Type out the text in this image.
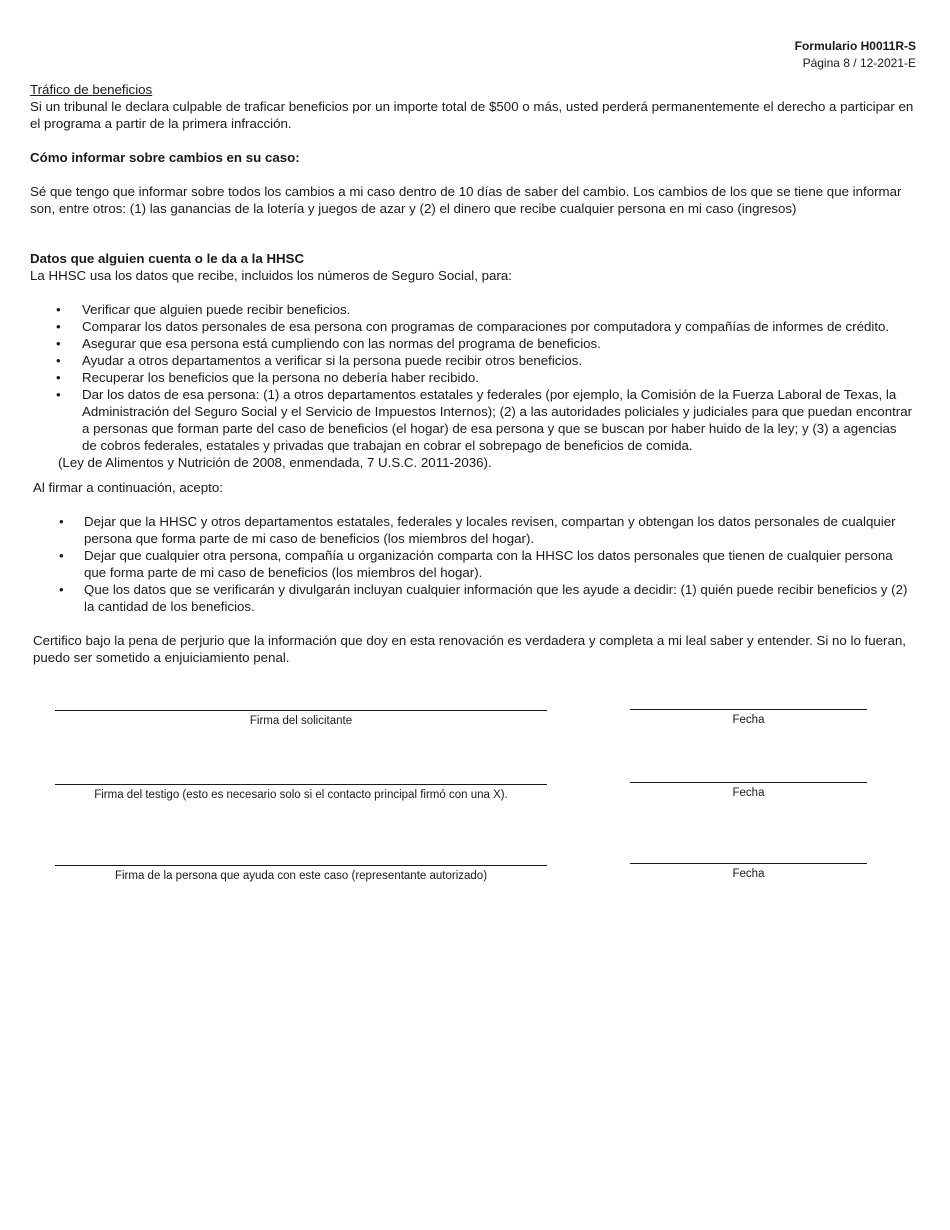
Formulario H0011R-S
Página 8 / 12-2021-E

Tráfico de beneficios

Si un tribunal le declara culpable de traficar beneficios por un importe total de $500 o más, usted perderá permanentemente el derecho a participar en el programa a partir de la primera infracción.

Cómo informar sobre cambios en su caso:

Sé que tengo que informar sobre todos los cambios a mi caso dentro de 10 días de saber del cambio. Los cambios de los que se tiene que informar son, entre otros: (1) las ganancias de la lotería y juegos de azar y (2) el dinero que recibe cualquier persona en mi caso (ingresos)

Datos que alguien cuenta o le da a la HHSC

La HHSC usa los datos que recibe, incluidos los números de Seguro Social, para:

• Verificar que alguien puede recibir beneficios.
• Comparar los datos personales de esa persona con programas de comparaciones por computadora y compañías de informes de crédito.
• Asegurar que esa persona está cumpliendo con las normas del programa de beneficios.
• Ayudar a otros departamentos a verificar si la persona puede recibir otros beneficios.
• Recuperar los beneficios que la persona no debería haber recibido.
• Dar los datos de esa persona: (1) a otros departamentos estatales y federales (por ejemplo, la Comisión de la Fuerza Laboral de Texas, la Administración del Seguro Social y el Servicio de Impuestos Internos); (2) a las autoridades policiales y judiciales para que puedan encontrar a personas que forman parte del caso de beneficios (el hogar) de esa persona y que se buscan por haber huido de la ley; y (3) a agencias de cobros federales, estatales y privadas que trabajan en cobrar el sobrepago de beneficios de comida.

(Ley de Alimentos y Nutrición de 2008, enmendada, 7 U.S.C. 2011-2036).

Al firmar a continuación, acepto:

• Dejar que la HHSC y otros departamentos estatales, federales y locales revisen, compartan y obtengan los datos personales de cualquier persona que forma parte de mi caso de beneficios (los miembros del hogar).
• Dejar que cualquier otra persona, compañía u organización comparta con la HHSC los datos personales que tienen de cualquier persona que forma parte de mi caso de beneficios (los miembros del hogar).
• Que los datos que se verificarán y divulgarán incluyan cualquier información que les ayude a decidir: (1) quién puede recibir beneficios y (2) la cantidad de los beneficios.

Certifico bajo la pena de perjurio que la información que doy en esta renovación es verdadera y completa a mi leal saber y entender. Si no lo fueran, puedo ser sometido a enjuiciamiento penal.

Firma del solicitante	Fecha
Firma del testigo (esto es necesario solo si el contacto principal firmó con una X).	Fecha
Firma de la persona que ayuda con este caso (representante autorizado)	Fecha
